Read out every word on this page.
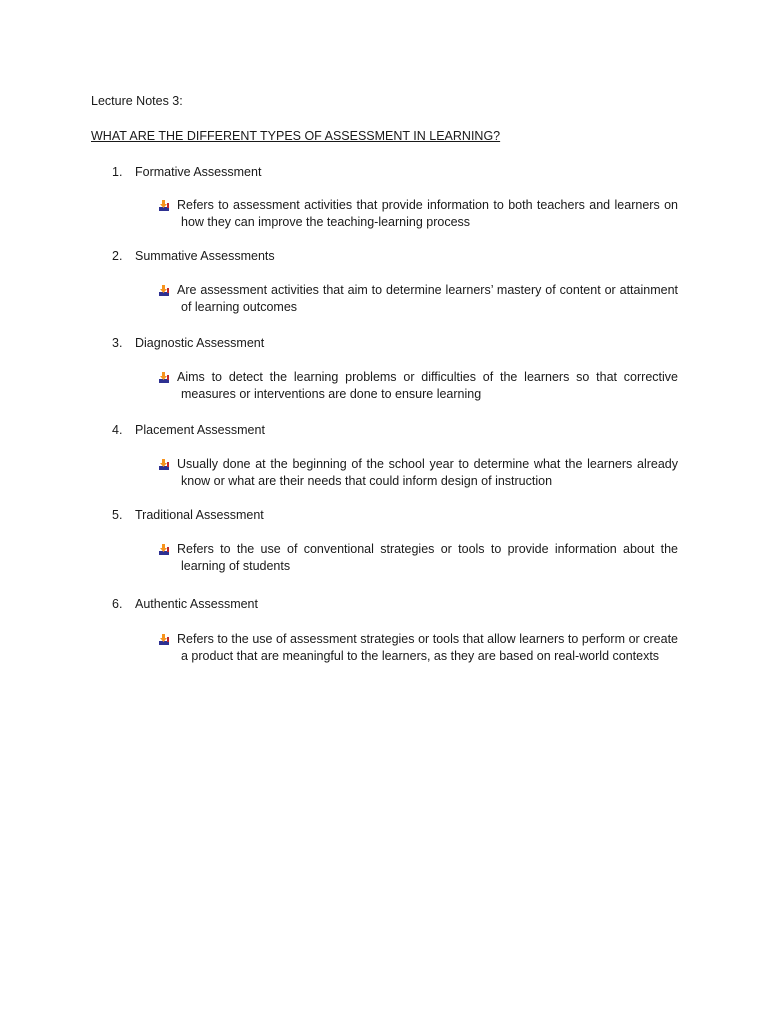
Lecture Notes 3:

WHAT ARE THE DIFFERENT TYPES OF ASSESSMENT IN LEARNING?

1. Formative Assessment

Refers to assessment activities that provide information to both teachers and learners on how they can improve the teaching-learning process

2. Summative Assessments

Are assessment activities that aim to determine learners’ mastery of content or attainment of learning outcomes

3. Diagnostic Assessment

Aims to detect the learning problems or difficulties of the learners so that corrective measures or interventions are done to ensure learning

4. Placement Assessment

Usually done at the beginning of the school year to determine what the learners already know or what are their needs that could inform design of instruction

5. Traditional Assessment

Refers to the use of conventional strategies or tools to provide information about the learning of students

6. Authentic Assessment

Refers to the use of assessment strategies or tools that allow learners to perform or create a product that are meaningful to the learners, as they are based on real-world contexts
